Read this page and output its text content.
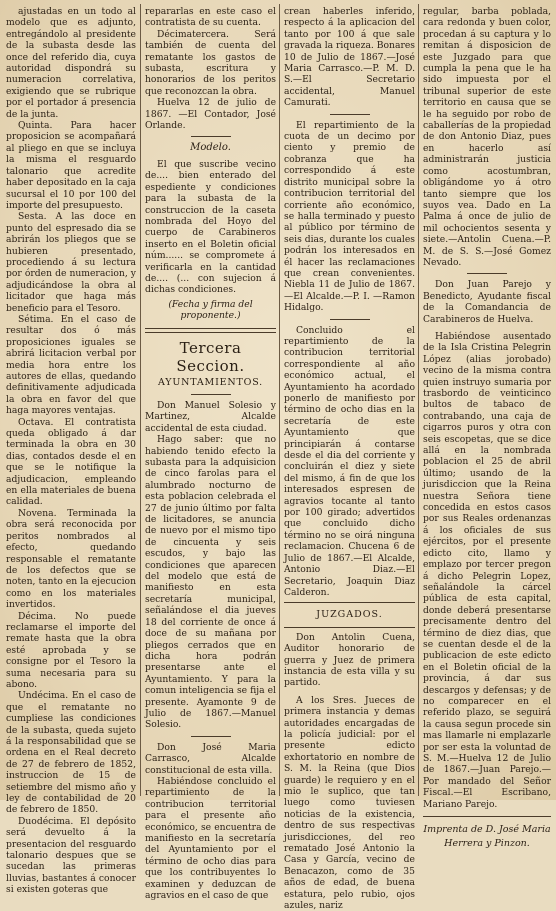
ajustadas en un todo al modelo que es adjunto, entregándolo al presidente de la subasta desde las once del referido dia, cuya autoridad dispondrá su numeracion correlativa, exigiendo que se rubrique por el portador á presencia de la junta.

Quinta. Para hacer proposicion se acompañará al pliego en que se incluya la misma el resguardo talonario que acredite haber depositado en la caja sucursal el 10 por 100 del importe del presupuesto.

Sesta. A las doce en punto del espresado dia se abrirán los pliegos que se hubieren presentado, procediendo á su lectura por órden de numeracion, y adjudicándose la obra al licitador que haga más beneficio para el Tesoro.

Sétima. En el caso de resultar dos ó más proposiciones iguales se abrirá licitacion verbal por media hora entre los autores de ellas, quedando definitivamente adjudicada la obra en favor del que haga mayores ventajas.

Octava. El contratista queda obligado á dar terminada la obra en 30 dias, contados desde el en que se le notifique la adjudicacion, empleando en ella materiales de buena calidad.

Novena. Terminada la obra será reconocida por peritos nombrados al efecto, quedando responsable el rematante de los defectos que se noten, tanto en la ejecucion como en los materiales invertidos.

Décima. No puede reclamarse el importe del remate hasta que la obra esté aprobada y se consigne por el Tesoro la suma necesaria para su abono.

Undécima. En el caso de que el rematante no cumpliese las condiciones de la subasta, queda sujeto á la responsabilidad que se ordena en el Real decreto de 27 de febrero de 1852, instruccion de 15 de setiembre del mismo año y ley de contabilidad de 20 de febrero de 1850.

Duodécima. El depósito será devuelto á la presentacion del resguardo talonario despues que se sucedan las primeras lluvias, bastantes á conocer si existen goteras que

repararlas en este caso el contratista de su cuenta.

Décimatercera. Será también de cuenta del rematante los gastos de subasta, escritura y honorarios de los peritos que reconozcan la obra.

Huelva 12 de julio de 1867. —El Contador, José Orlande.

Modelo.

El que suscribe vecino de.... bien enterado del espediente y condiciones para la subasta de la construccion de la caseta nombrada del Hoyo del cuerpo de Carabineros inserto en el Boletin oficial núm...... se compromete á verificarla en la cantidad de.... (... con sujecion á dichas condiciones.

(Fecha y firma del proponente.)

Tercera Seccion.
AYUNTAMIENTOS.

Don Manuel Solesio y Martinez, Alcalde accidental de esta ciudad.

Hago saber: que no habiendo tenido efecto la subasta para la adquisicion de cinco farolas para el alumbrado nocturno de esta poblacion celebrada el 27 de junio último por falta de licitadores, se anuncia de nuevo por el mismo tipo de cincuenta y seis escudos, y bajo las condiciones que aparecen del modelo que está de manifiesto en esta secretaría municipal, señalándose el dia jueves 18 del corriente de once á doce de su mañana por pliegos cerrados que en dicha hora podrán presentarse ante el Ayuntamiento. Y para la comun inteligencia se fija el presente. Ayamonte 9 de Julio de 1867.—Manuel Solesio.

Don José Maria Carrasco, Alcalde constitucional de esta villa.

Habiéndose concluido el repartimiento de la contribucion territorial para el presente año económico, se encuentra de manifiesto en la secretaría del Ayuntamiento por el término de ocho dias para que los contribuyentes lo examinen y deduzcan de agravios en el caso de que

crean haberles inferido, respecto á la aplicacion del tanto por 100 á que sale gravada la riqueza. Bonares 10 de Julio de 1867.—José Maria Carrasco.—P. M. D. S.—El Secretario accidental, Manuel Camurati.

El repartimiento de la cuota de un decimo por ciento y premio de cobranza que ha correspondido á este distrito municipal sobre la contribucion territorial del corriente año económico, se halla terminado y puesto al público por término de seis dias, durante los cuales podrán los interesados en él hacer las reclamaciones que crean convenientes. Niebla 11 de Julio de 1867.—El Alcalde.—P. I. —Ramon Hidalgo.

Concluido el repartimiento de la contribucion territorial correspondiente al año económico actual, el Ayuntamiento ha acordado ponerlo de manifiesto por término de ocho dias en la secretaría de este Ayuntamiento que principiarán á contarse desde el dia del corriente y concluirán el diez y siete del mismo, á fin de que los interesados espresen de agravios tocante al tanto por 100 girado; advertidos que concluido dicho término no se oirá ninguna reclamacion. Chucena 6 de Julio de 1867.—El Alcalde, Antonio Diaz.—El Secretario, Joaquin Diaz Calderon.

JUZGADOS.

Don Antolin Cuena, Auditor honorario de guerra y Juez de primera instancia de esta villa y su partido.

A los Sres. Jueces de primera instancia y demas autoridades encargadas de la policía judicial: por el presente edicto exhortatorio en nombre de S. M. la Reina (que Dios guarde) le requiero y en el mio le suplico, que tan luego como tuviesen noticias de la existencia, dentro de sus respectivas jurisdicciones, del reo rematado José Antonio la Casa y García, vecino de Benacazon, como de 35 años de edad, de buena estatura, pelo rubio, ojos azules, nariz

regular, barba poblada, cara redonda y buen color, procedan á su captura y lo remitan á disposicion de este Juzgado para que cumpla la pena que le ha sido impuesta por el tribunal superior de este territorio en causa que se le ha seguido por robo de caballerías de la propiedad de don Antonio Diaz, pues en hacerlo así administrarán justicia como acostumbran, obligándome yo á otro tanto siempre que los suyos vea. Dado en La Palma á once de julio de mil ochocientos sesenta y siete.—Antolin Cuena.—P. M. de S. S.—José Gomez Nevado.

Don Juan Parejo y Benedicto, Ayudante fiscal de la Comandancia de Carabineros de Huelva.

Habiéndose ausentado de la Isla Cristina Pelegrin López (alias jorobado) vecino de la misma contra quien instruyo sumaria por trasbordo de veinticinco bultos de tabaco de contrabando, una caja de cigarros puros y otra con seis escopetas, que se dice allá en la nombrada poblacion el 25 de abril último; usando de la jurisdiccion que la Reina nuestra Señora tiene concedida en estos casos por sus Reales ordenanzas á los oficiales de sus ejércitos, por el presente edicto cito, llamo y emplazo por tercer pregon á dicho Pelegrin Lopez, señalándole la cárcel pública de esta capital, donde deberá presentarse precisamente dentro del término de diez dias, que se cuentan desde el de la publicacion de este edicto en el Boletin oficial de la provincia, á dar sus descargos y defensas; y de no comparecer en el referido plazo, se seguirá la causa segun procede sin mas llamarle ni emplazarle por ser esta la voluntad de S. M.—Huelva 12 de Julio de 1867.—Juan Parejo.—Por mandado del Señor Fiscal.—El Escribano, Mariano Parejo.

Imprenta de D. José Maria
Herrera y Pinzon.
